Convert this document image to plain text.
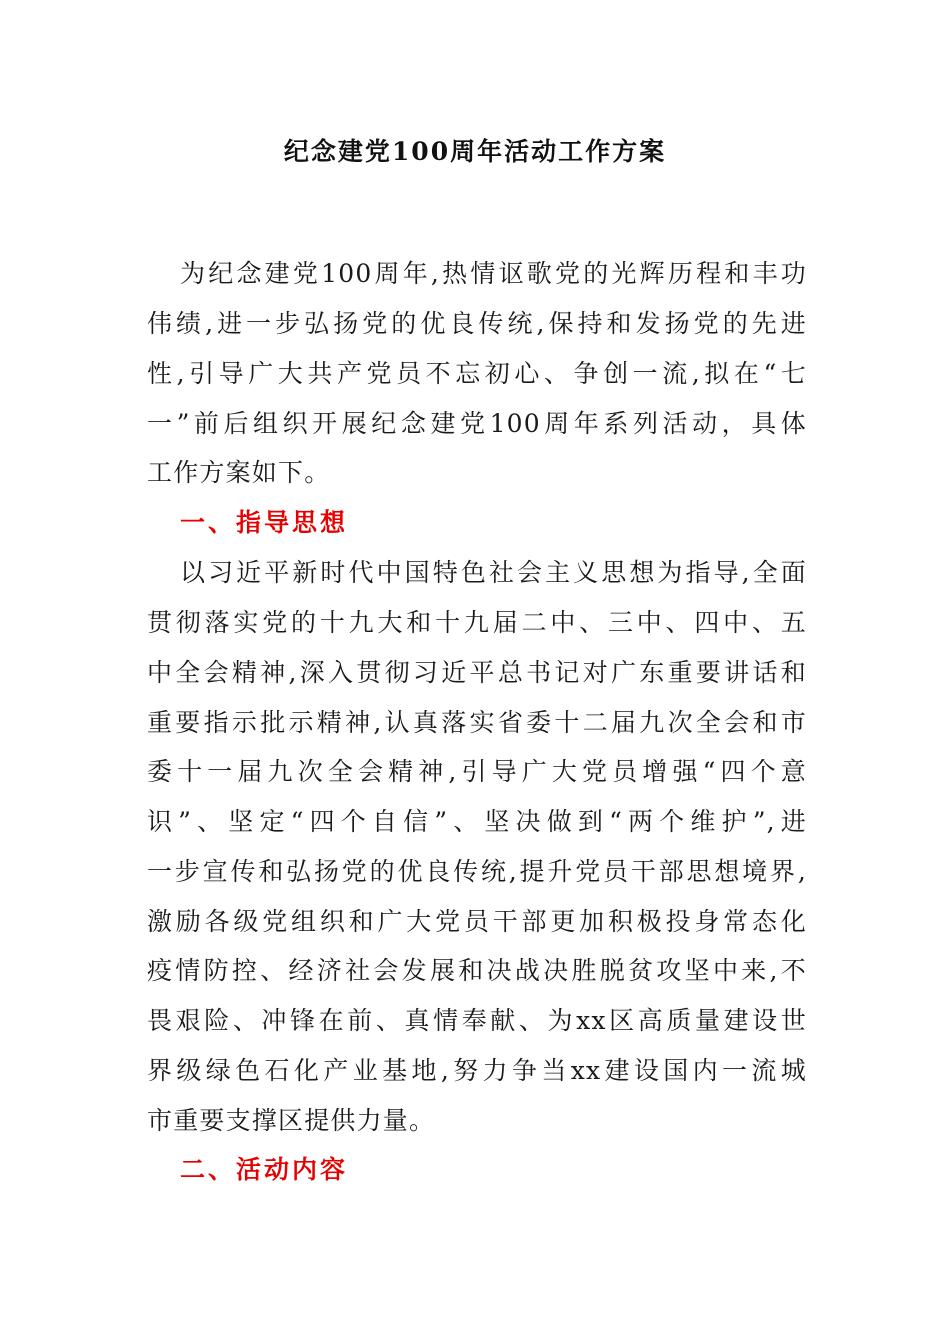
纪念建党100周年活动工作方案
为纪念建党100周年,热情讴歌党的光辉历程和丰功
伟绩,进一步弘扬党的优良传统,保持和发扬党的先进
性,引导广大共产党员不忘初心、争创一流,拟在“七
一”前后组织开展纪念建党100周年系列活动，具体
工作方案如下。
一、指导思想
以习近平新时代中国特色社会主义思想为指导,全面
贯彻落实党的十九大和十九届二中、三中、四中、五
中全会精神,深入贯彻习近平总书记对广东重要讲话和
重要指示批示精神,认真落实省委十二届九次全会和市
委十一届九次全会精神,引导广大党员增强“四个意
识”、坚定“四个自信”、坚决做到“两个维护”,进
一步宣传和弘扬党的优良传统,提升党员干部思想境界,
激励各级党组织和广大党员干部更加积极投身常态化
疫情防控、经济社会发展和决战决胜脱贫攻坚中来,不
畏艰险、冲锋在前、真情奉献、为xx区高质量建设世
界级绿色石化产业基地,努力争当xx建设国内一流城
市重要支撑区提供力量。
二、活动内容
